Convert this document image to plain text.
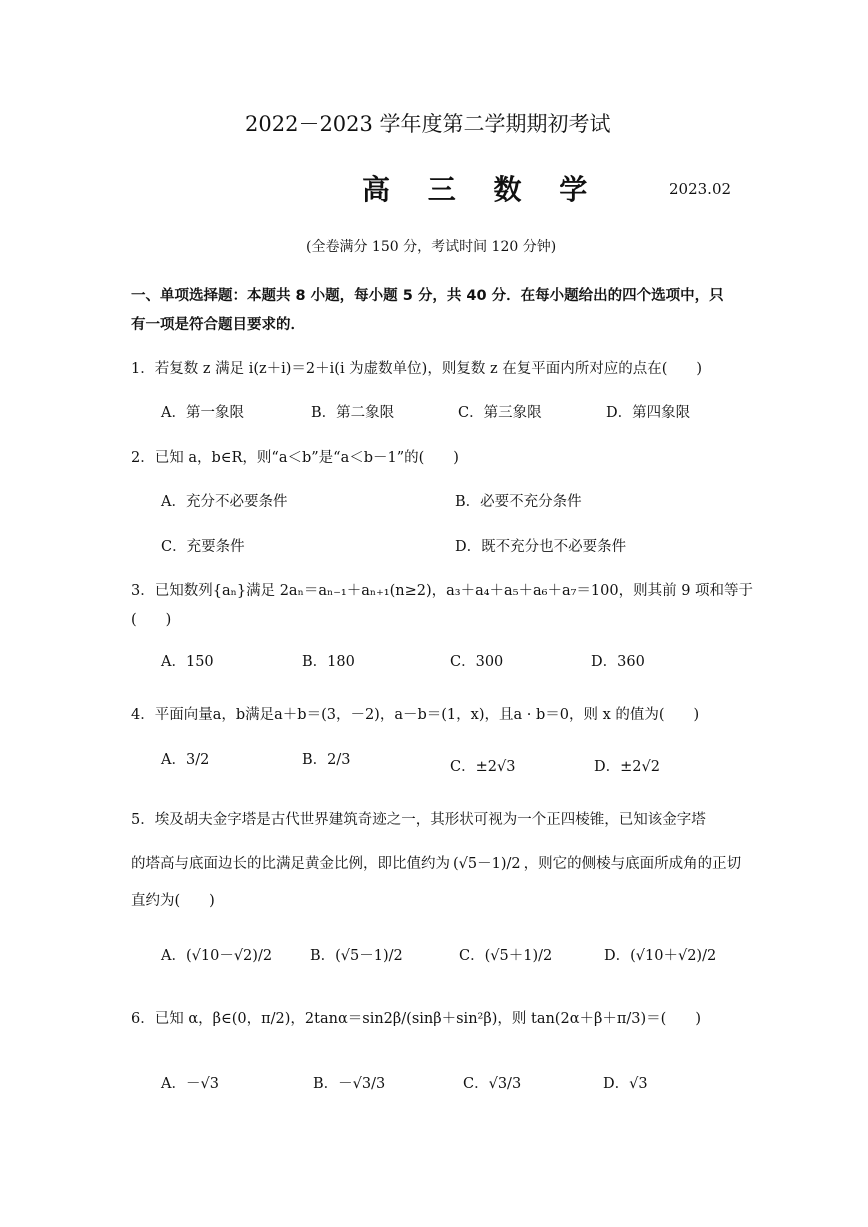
2022－2023 学年度第二学期期初考试
高 三 数 学	2023.02
(全卷满分 150 分，考试时间 120 分钟)
一、单项选择题：本题共 8 小题，每小题 5 分，共 40 分．在每小题给出的四个选项中，只
有一项是符合题目要求的．
1．若复数 z 满足 i(z＋i)＝2＋i(i 为虚数单位)，则复数 z 在复平面内所对应的点在(　　)
A．第一象限	B．第二象限	C．第三象限	D．第四象限
2．已知 a，b∈R，则“a＜b”是“a＜b－1”的(　　)
A．充分不必要条件	B．必要不充分条件
C．充要条件	D．既不充分也不必要条件
3．已知数列{aₙ}满足 2aₙ＝aₙ₋₁＋aₙ₊₁(n≥2)，a₃＋a₄＋a₅＋a₆＋a₇＝100，则其前 9 项和等于
(　　)
A．150	B．180	C．300	D．360
4．平面向量a，b满足a＋b＝(3，－2)，a－b＝(1，x)，且a · b＝0，则 x 的值为(　　)
A．3/2	B．2/3	C．±2√3	D．±2√2
5．埃及胡夫金字塔是古代世界建筑奇迹之一，其形状可视为一个正四棱锥，已知该金字塔
的塔高与底面边长的比满足黄金比例，即比值约为 (√5－1)/2 ，则它的侧棱与底面所成角的正切
直约为(　　)
A．(√10－√2)/2	B．(√5－1)/2	C．(√5＋1)/2	D．(√10＋√2)/2
6．已知 α，β∈(0，π/2)，2tanα＝sin2β/(sinβ＋sin²β)，则 tan(2α＋β＋π/3)＝(　　)
A．－√3	B．－√3/3	C．√3/3	D．√3
